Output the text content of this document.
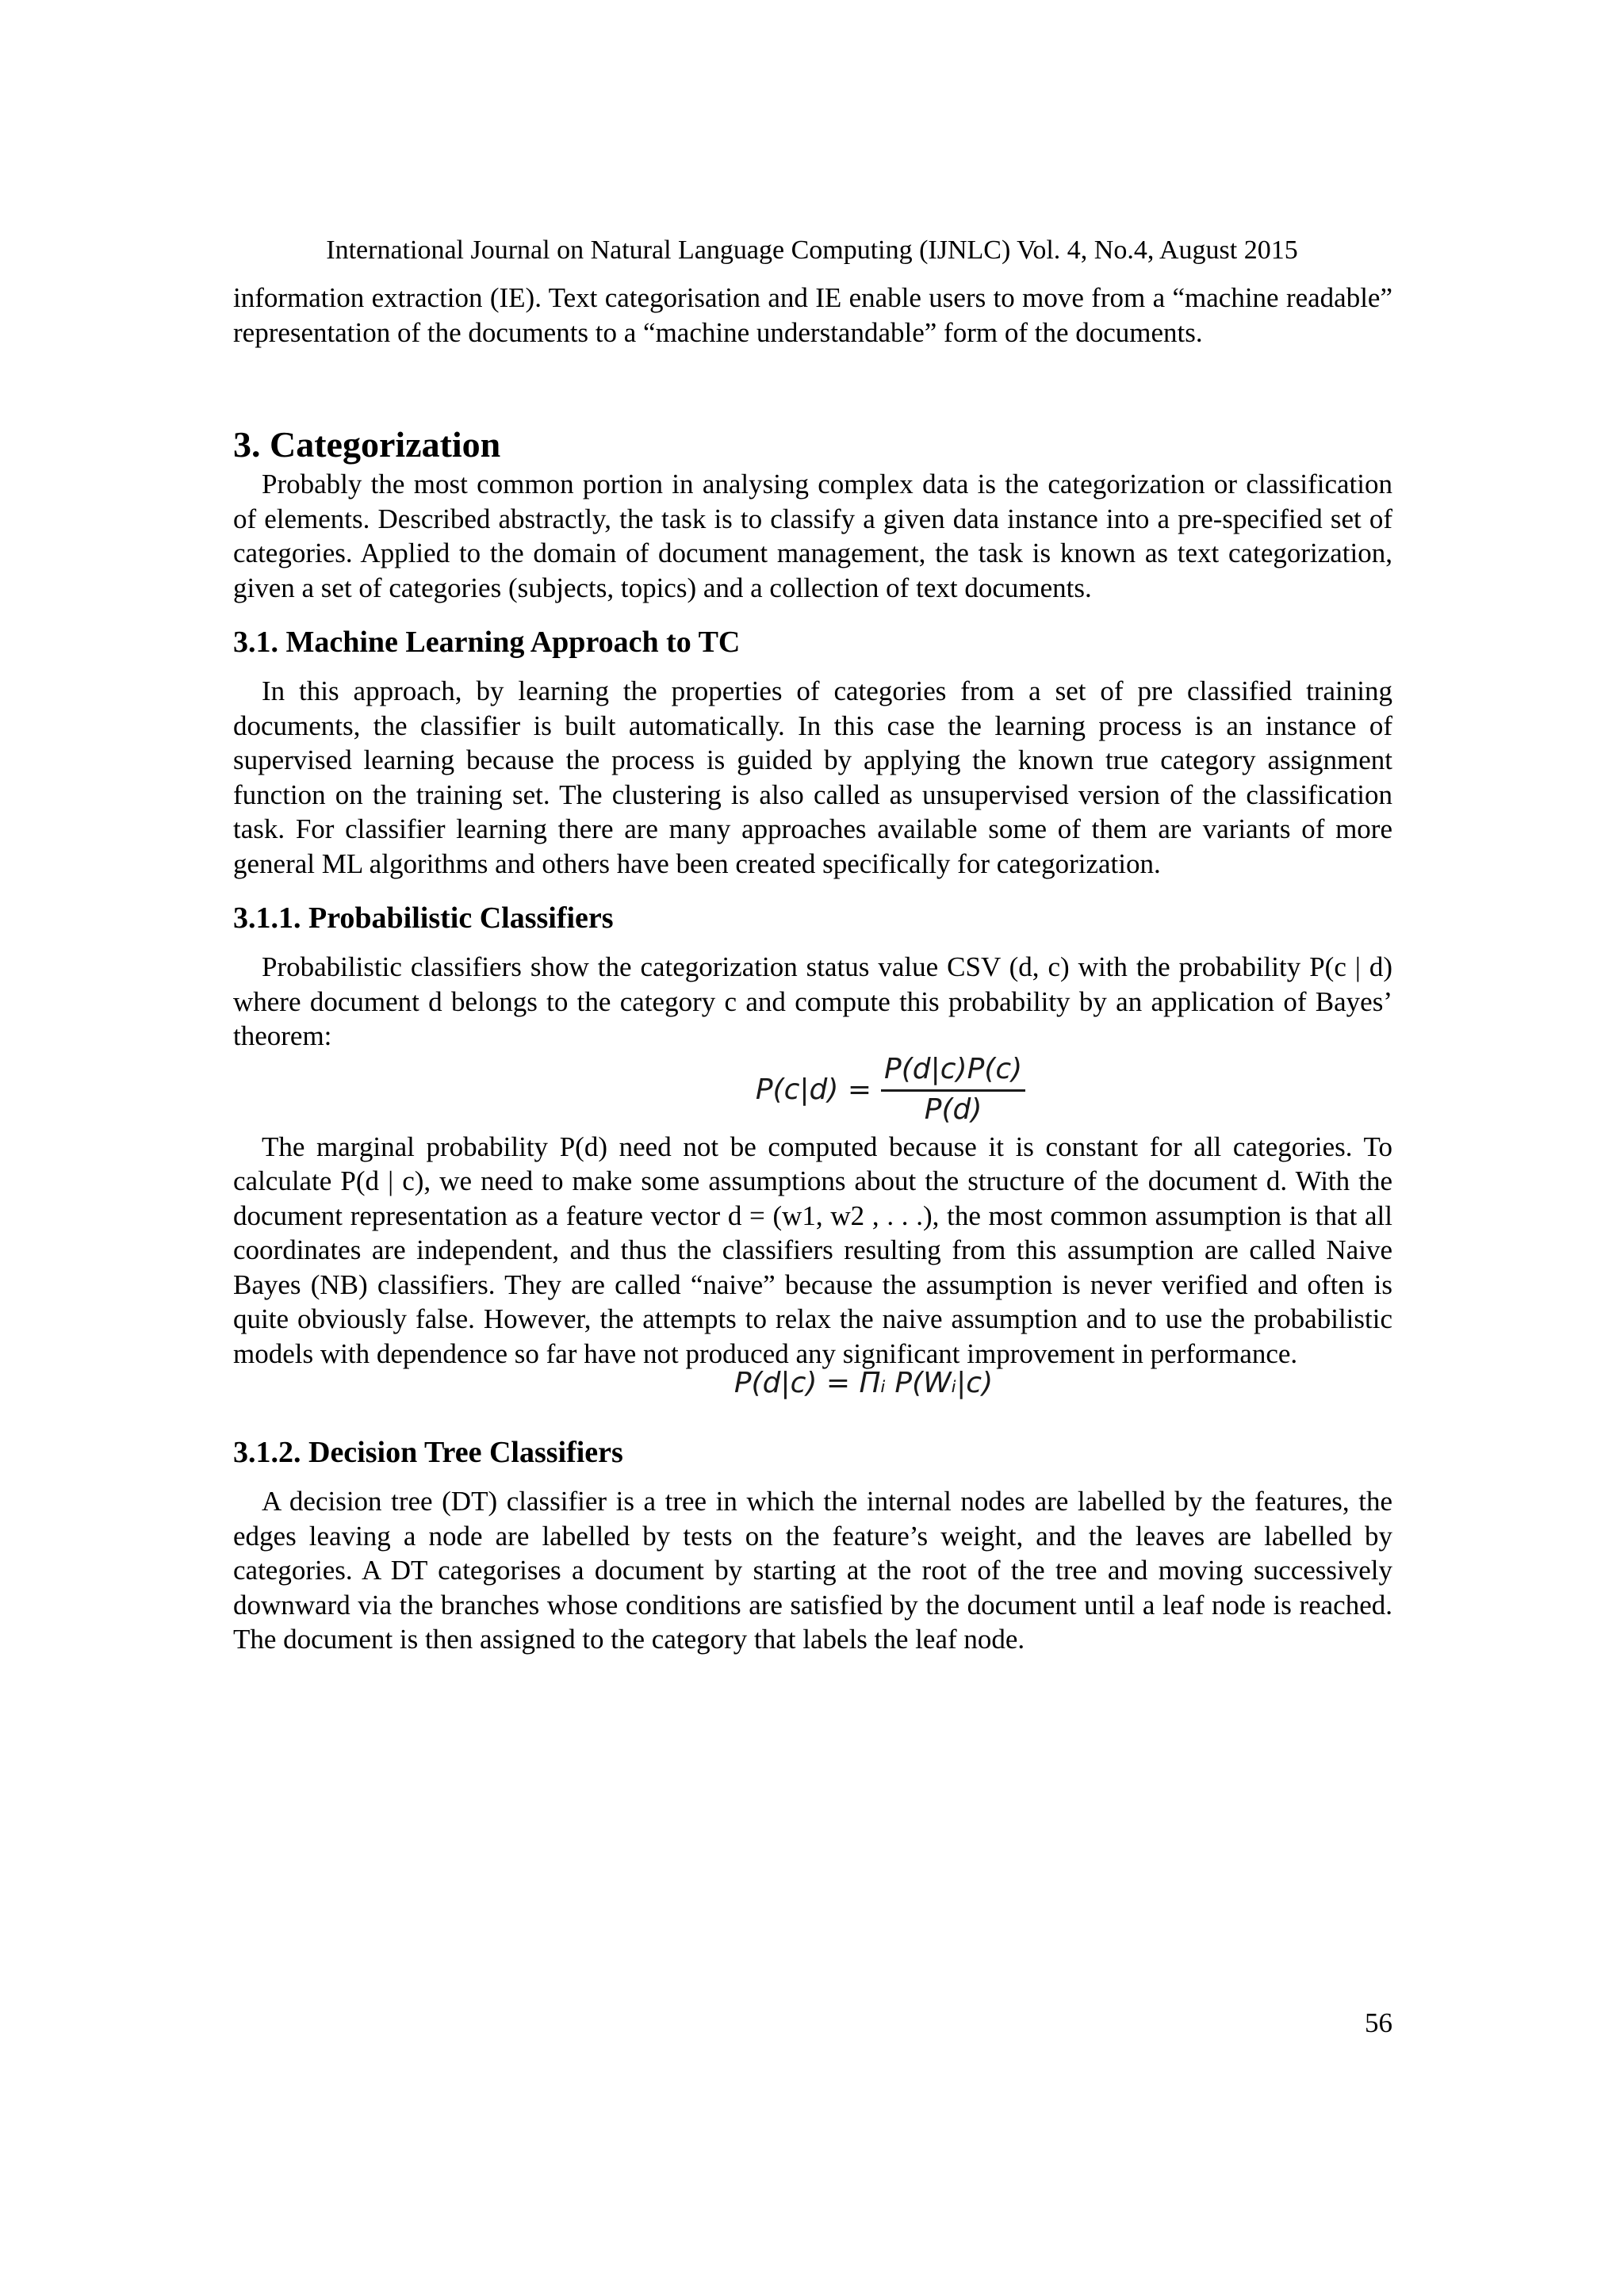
International Journal on Natural Language Computing (IJNLC) Vol. 4, No.4, August 2015

information extraction (IE). Text categorisation and IE enable users to move from a “machine readable” representation of the documents to a “machine understandable” form of the documents.

3. Categorization

Probably the most common portion in analysing complex data is the categorization or classification of elements. Described abstractly, the task is to classify a given data instance into a pre-specified set of categories. Applied to the domain of document management, the task is known as text categorization, given a set of categories (subjects, topics) and a collection of text documents.

3.1. Machine Learning Approach to TC

In this approach, by learning the properties of categories from a set of pre classified training documents, the classifier is built automatically. In this case the learning process is an instance of supervised learning because the process is guided by applying the known true category assignment function on the training set. The clustering is also called as unsupervised version of the classification task. For classifier learning there are many approaches available some of them are variants of more general ML algorithms and others have been created specifically for categorization.

3.1.1. Probabilistic Classifiers

Probabilistic classifiers show the categorization status value CSV (d, c) with the probability P(c | d) where document d belongs to the category c and compute this probability by an application of Bayes’ theorem:

$P(c|d) = \frac{P(d|c)P(c)}{P(d)}$

The marginal probability P(d) need not be computed because it is constant for all categories. To calculate P(d | c), we need to make some assumptions about the structure of the document d. With the document representation as a feature vector d = (w1, w2 , . . .), the most common assumption is that all coordinates are independent, and thus the classifiers resulting from this assumption are called Naive Bayes (NB) classifiers. They are called “naive” because the assumption is never verified and often is quite obviously false. However, the attempts to relax the naive assumption and to use the probabilistic models with dependence so far have not produced any significant improvement in performance.

P(d|c) = Πᵢ P(Wᵢ|c)
3.1.2. Decision Tree Classifiers

A decision tree (DT) classifier is a tree in which the internal nodes are labelled by the features, the edges leaving a node are labelled by tests on the feature’s weight, and the leaves are labelled by categories. A DT categorises a document by starting at the root of the tree and moving successively downward via the branches whose conditions are satisfied by the document until a leaf node is reached. The document is then assigned to the category that labels the leaf node.

56
